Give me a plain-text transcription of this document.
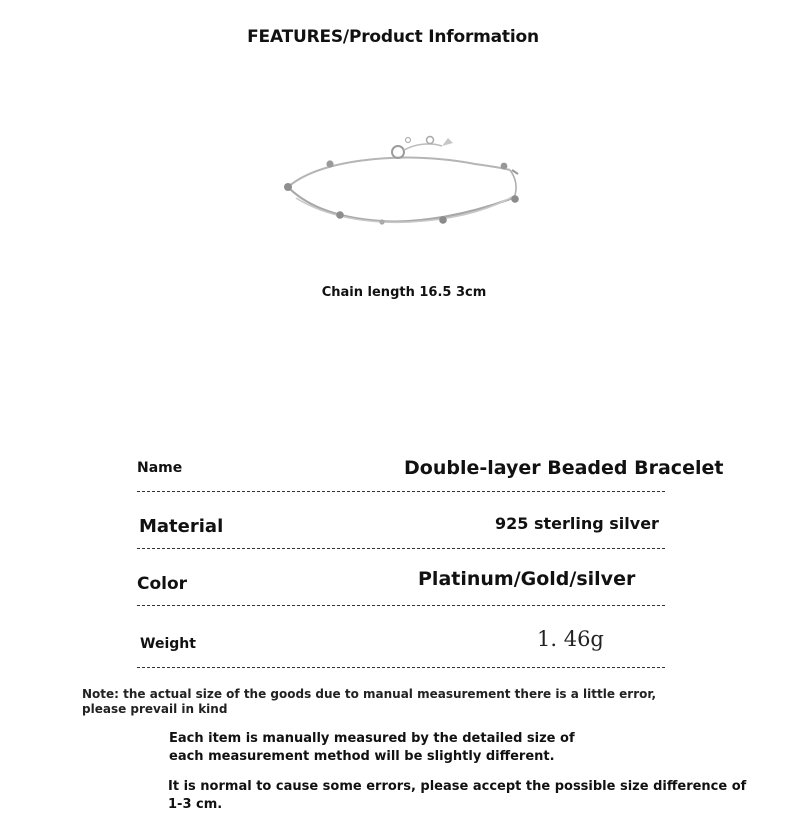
FEATURES/Product Information
Chain length 16.5 3cm
Name	Double-layer Beaded Bracelet
Material	925 sterling silver
Color	Platinum/Gold/silver
Weight	1. 46g
Note: the actual size of the goods due to manual measurement there is a little error, please prevail in kind
Each item is manually measured by the detailed size of each measurement method will be slightly different.
It is normal to cause some errors, please accept the possible size difference of 1-3 cm.
